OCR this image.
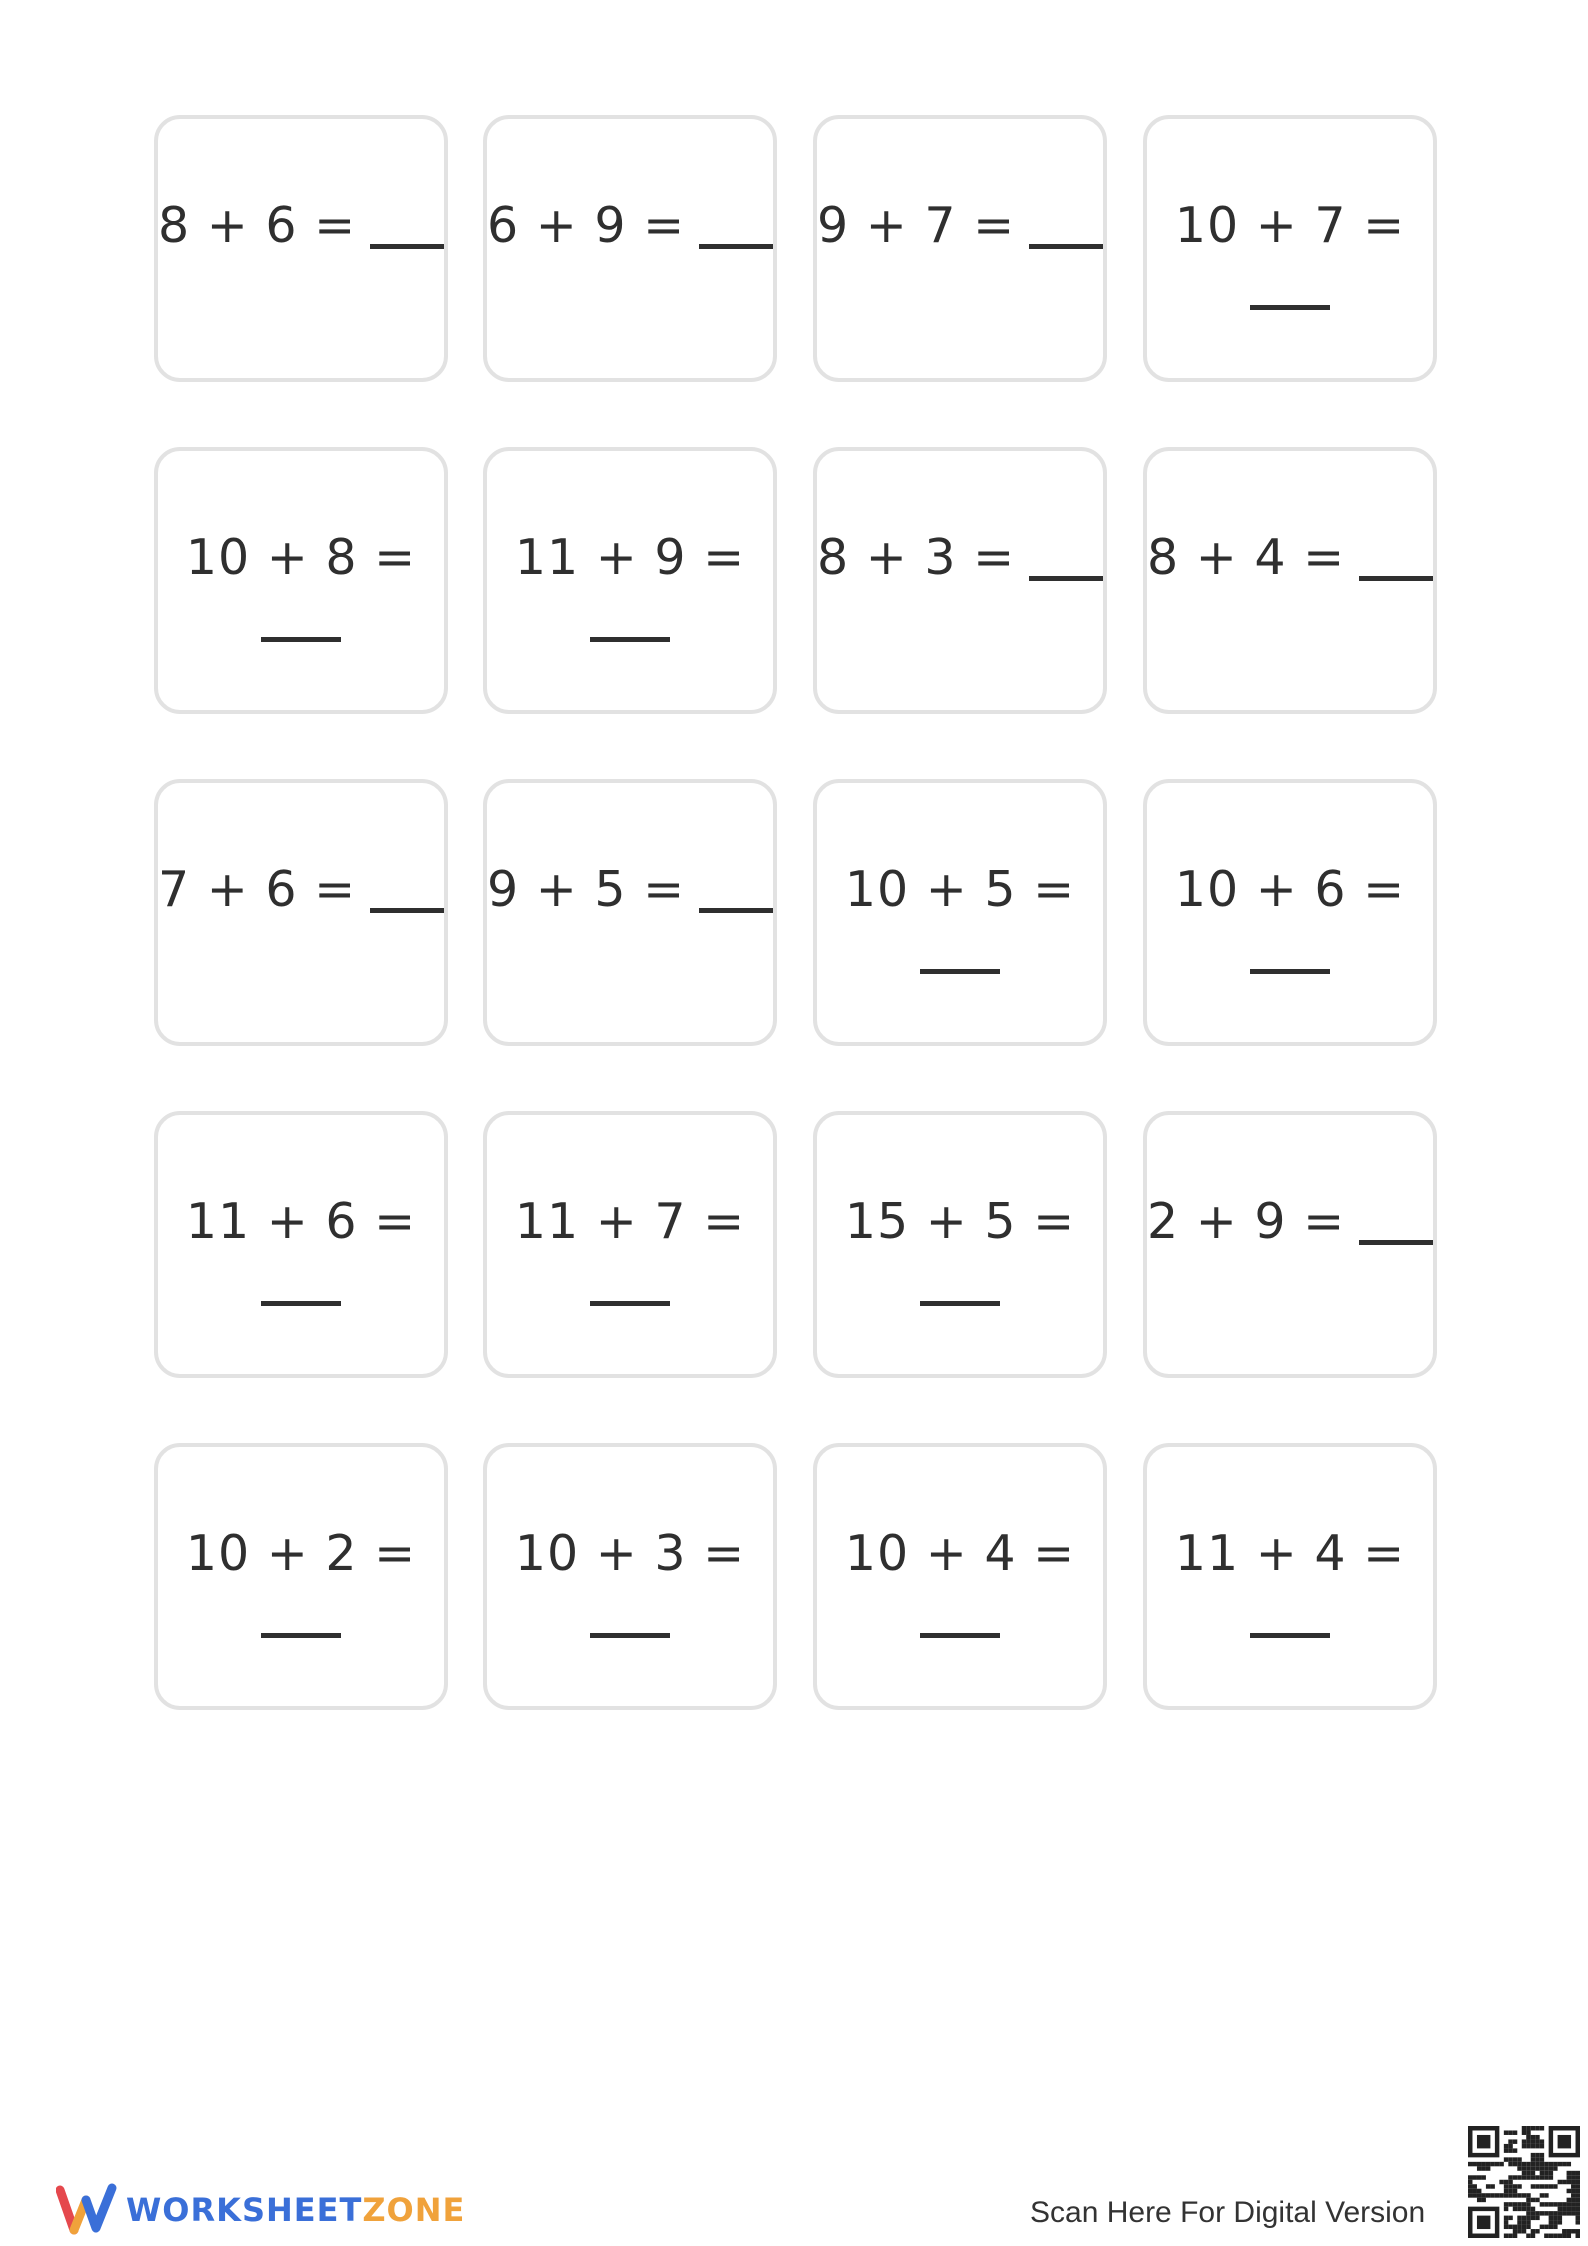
8 + 6 =	6 + 9 =	9 + 7 =	10 + 7 =
10 + 8 = 11 + 9 = 8 + 3 =	8 + 4 =
7 + 6 =	9 + 5 =	10 + 5 = 10 + 6 =
11 + 6 = 11 + 7 = 15 + 5 = 2 + 9 =
10 + 2 = 10 + 3 = 10 + 4 = 11 + 4 =
WORKSHEETZONE	Scan Here For Digital Version
